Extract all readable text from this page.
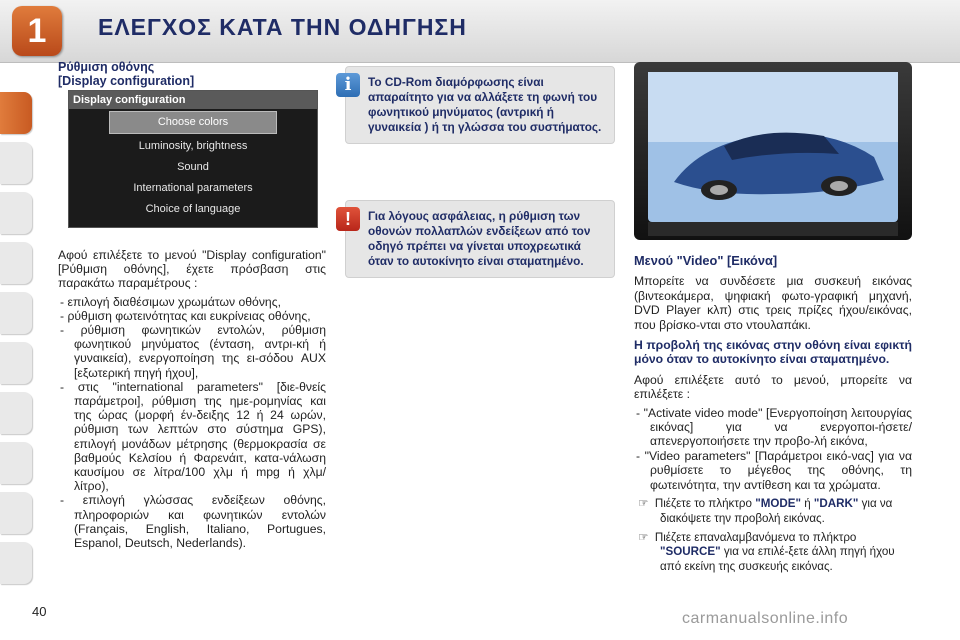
1	ΕΛΕΓΧΟΣ ΚΑΤΑ ΤΗΝ ΟΔΗΓΗΣΗ
Ρύθμιση οθόνης
[Display configuration]
Display configuration
Choose colors
Luminosity, brightness
Sound
International parameters
Choice of language
Αφού επιλέξετε το μενού "Display configuration" [Ρύθμιση οθόνης], έχετε πρόσβαση στις παρακάτω παραμέτρους :
- επιλογή διαθέσιμων χρωμάτων οθόνης,
- ρύθμιση φωτεινότητας και ευκρίνειας οθόνης,
- ρύθμιση φωνητικών εντολών, ρύθμιση φωνητικού μηνύματος (ένταση, αντρι-κή ή γυναικεία), ενεργοποίηση της ει-σόδου AUX [εξωτερική πηγή ήχου],
- στις "international parameters" [διε-θνείς παράμετροι], ρύθμιση της ημε-ρομηνίας και της ώρας (μορφή έν-δειξης 12 ή 24 ωρών, ρύθμιση των λεπτών στο σύστημα GPS), επιλογή μονάδων μέτρησης (θερμοκρασία σε βαθμούς Κελσίου ή Φαρενάιτ, κατα-νάλωση καυσίμου σε λίτρα/100 χλμ ή mpg ή χλμ/λίτρο),
- επιλογή γλώσσας ενδείξεων οθόνης, πληροφοριών και φωνητικών εντολών (Français, English, Italiano, Portugues, Espanol, Deutsch, Nederlands).
i	Το CD-Rom διαμόρφωσης είναι απαραίτητο για να αλλάξετε τη φωνή του φωνητικού μηνύματος (αντρική ή γυναικεία ) ή τη γλώσσα του συστήματος.
!	Για λόγους ασφάλειας, η ρύθμιση των οθονών πολλαπλών ενδείξεων από τον οδηγό πρέπει να γίνεται υποχρεωτικά όταν το αυτοκίνητο είναι σταματημένο.	Μενού "Video" [Εικόνα]

Μπορείτε να συνδέσετε μια συσκευή εικόνας (βιντεοκάμερα, ψηφιακή φωτο-γραφική μηχανή, DVD Player κλπ) στις τρεις πρίζες ήχου/εικόνας, που βρίσκο-νται στο ντουλαπάκι.

Η προβολή της εικόνας στην οθόνη είναι εφικτή μόνο όταν το αυτοκίνητο είναι σταματημένο.

Αφού επιλέξετε αυτό το μενού, μπορείτε να επιλέξετε :

- "Activate video mode" [Ενεργοποίηση λειτουργίας εικόνας] για να ενεργοποι-ήσετε/απενεργοποιήσετε την προβο-λή εικόνα,
- "Video parameters" [Παράμετροι εικό-νας] για να ρυθμίσετε το μέγεθος της οθόνης, τη φωτεινότητα, την αντίθεση και τα χρώματα.
☞ Πιέζετε το πλήκτρο "MODE" ή "DARK" για να διακόψετε την προβολή εικόνας.
☞ Πιέζετε επαναλαμβανόμενα το πλήκτρο "SOURCE" για να επιλέ-ξετε άλλη πηγή ήχου από εκείνη της συσκευής εικόνας.
40	carmanualsonline.info
